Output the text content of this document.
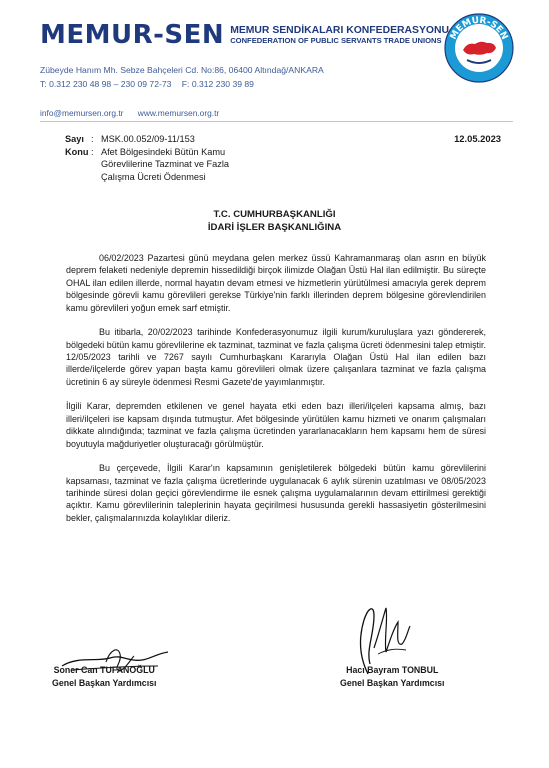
MEMUR-SEN MEMUR SENDİKALARI KONFEDERASYONU
CONFEDERATION OF PUBLIC SERVANTS TRADE UNIONS
Zübeyde Hanım Mh. Sebze Bahçeleri Cd. No:86, 06400 Altındağ/ANKARA
T: 0.312 230 48 98 – 230 09 72-73 F: 0.312 230 39 89
MEMUR-SEN
info@memursen.org.tr www.memursen.org.tr
Sayı : MSK.00.052/09-11/153
Konu : Afet Bölgesindeki Bütün Kamu Görevlilerine Tazminat ve Fazla Çalışma Ücreti Ödenmesi
12.05.2023
T.C. CUMHURBAŞKANLIĞI
İDARİ İŞLER BAŞKANLIĞINA

06/02/2023 Pazartesi günü meydana gelen merkez üssü Kahramanmaraş olan asrın en büyük deprem felaketi nedeniyle depremin hissedildiği birçok ilimizde Olağan Üstü Hal ilan edilmiştir. Bu süreçte OHAL ilan edilen illerde, normal hayatın devam etmesi ve hizmetlerin yürütülmesi amacıyla gerek deprem bölgesinde görevli kamu görevlileri gerekse Türkiye'nin farklı illerinden deprem bölgesine görevlendirilen kamu görevlileri yoğun emek sarf etmiştir.

Bu itibarla, 20/02/2023 tarihinde Konfederasyonumuz ilgili kurum/kuruluşlara yazı göndererek, bölgedeki bütün kamu görevlilerine ek tazminat, tazminat ve fazla çalışma ücreti ödenmesini talep etmiştir. 12/05/2023 tarihli ve 7267 sayılı Cumhurbaşkanı Kararıyla Olağan Üstü Hal ilan edilen bazı illerde/ilçelerde görev yapan başta kamu görevlileri olmak üzere çalışanlara tazminat ve fazla çalışma ücretinin 6 ay süreyle ödenmesi Resmi Gazete'de yayımlanmıştır.

İlgili Karar, depremden etkilenen ve genel hayata etki eden bazı illeri/ilçeleri kapsama almış, bazı illeri/ilçeleri ise kapsam dışında tutmuştur. Afet bölgesinde yürütülen kamu hizmeti ve onarım çalışmaları dikkate alındığında; tazminat ve fazla çalışma ücretinden yararlanacakların hem kapsamı hem de süresi boyutuyla mağduriyetler oluşturacağı görülmüştür.

Bu çerçevede, İlgili Karar'ın kapsamının genişletilerek bölgedeki bütün kamu görevlilerini kapsaması, tazminat ve fazla çalışma ücretlerinde uygulanacak 6 aylık sürenin uzatılması ve 08/05/2023 tarihinde süresi dolan geçici görevlendirme ile esnek çalışma uygulamalarının devam ettirilmesi gerektiği açıktır. Kamu görevlilerinin taleplerinin hayata geçirilmesi hususunda gerekli hassasiyetin gösterilmesini bekler, çalışmalarınızda kolaylıklar dileriz.

Soner Can TUFANOĞLU
Genel Başkan Yardımcısı
Hacı Bayram TONBUL
Genel Başkan Yardımcısı
